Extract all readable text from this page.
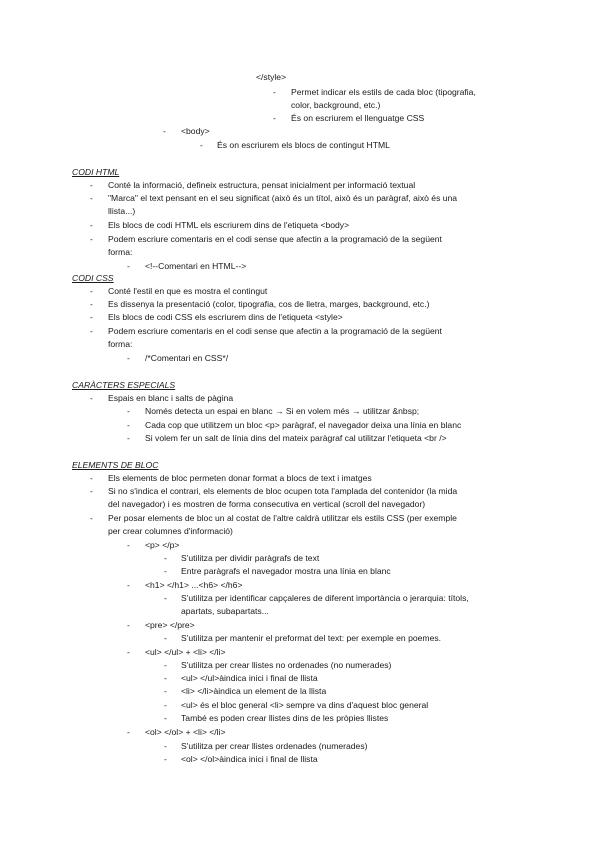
</style>
- Permet indicar els estils de cada bloc (tipografia,
color, background, etc.)
- És on escriurem el llenguatge CSS
- <body>
- És on escriurem els blocs de contingut HTML
CODI HTML
- Conté la informació, defineix estructura, pensat inicialment per informació textual
- "Marca" el text pensant en el seu significat (això és un títol, això és un paràgraf, això és una
llista...)
- Els blocs de codi HTML els escriurem dins de l'etiqueta <body>
- Podem escriure comentaris en el codi sense que afectin a la programació de la següent
forma:
- <!--Comentari en HTML-->
CODI CSS
- Conté l'estil en que es mostra el contingut
- Es dissenya la presentació (color, tipografia, cos de lletra, marges, background, etc.)
- Els blocs de codi CSS els escriurem dins de l'etiqueta <style>
- Podem escriure comentaris en el codi sense que afectin a la programació de la següent
forma:
- /*Comentari en CSS*/
CARÀCTERS ESPECIALS
- Espais en blanc i salts de pàgina
- Només detecta un espai en blanc → Si en volem més → utilitzar &nbsp;
- Cada cop que utilitzem un bloc <p> paràgraf, el navegador deixa una línia en blanc
- Si volem fer un salt de línia dins del mateix paràgraf cal utilitzar l'etiqueta <br />
ELEMENTS DE BLOC
- Els elements de bloc permeten donar format a blocs de text i imatges
- Si no s'indica el contrari, els elements de bloc ocupen tota l'amplada del contenidor (la mida
del navegador) i es mostren de forma consecutiva en vertical (scroll del navegador)
- Per posar elements de bloc un al costat de l'altre caldrà utilitzar els estils CSS (per exemple
per crear columnes d'informació)
- <p> </p>
- S'utilitza per dividir paràgrafs de text
- Entre paràgrafs el navegador mostra una línia en blanc
- <h1> </h1> ...<h6> </h6>
- S'utilitza per identificar capçaleres de diferent importància o jerarquia: títols,
apartats, subapartats...
- <pre> </pre>
- S'utilitza per mantenir el preformat del text: per exemple en poemes.
- <ul> </ul> + <li> </li>
- S'utilitza per crear llistes no ordenades (no numerades)
- <ul> </ul>àindica inici i final de llista
- <li> </li>àindica un element de la llista
- <ul> és el bloc general <li> sempre va dins d'aquest bloc general
- També es poden crear llistes dins de les pròpies llistes
- <ol> </ol> + <li> </li>
- S'utilitza per crear llistes ordenades (numerades)
- <ol> </ol>àindica inici i final de llista
